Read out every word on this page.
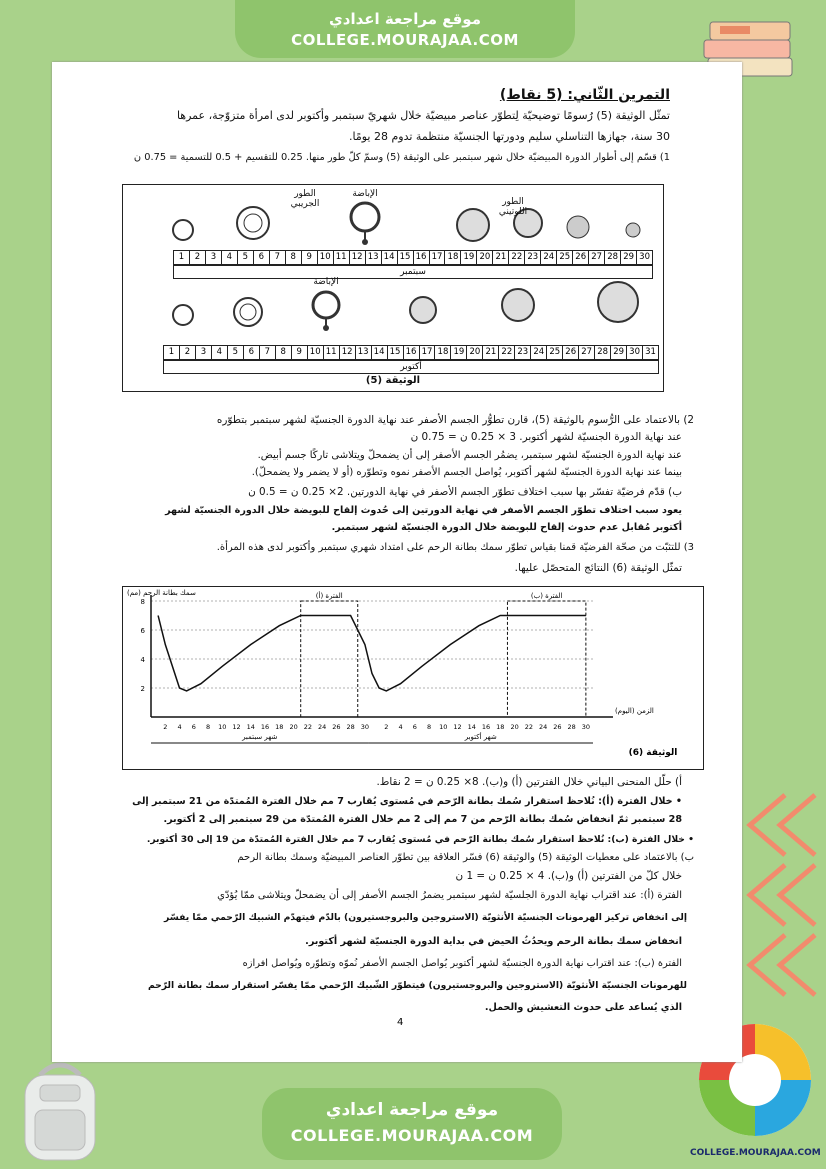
موقع مراجعة اعدادي
COLLEGE.MOURAJAA.COM
COLLEGE.MOURAJAA.COM
موقع مراجعة اعدادي
COLLEGE.MOURAJAA.COM
التمرين الثّاني: (5 نقاط)
تمثّل الوثيقة (5) رُسومًا توضيحيّة لِتطوّر عناصر مبيضيّة خلال شهريّ سبتمبر وأكتوبر لدى امرأة متزوّجة، عمرها
30 سنة، جهازها التناسلي سليم ودورتها الجنسيّة منتظمة تدوم 28 يومًا.
1) قسّم إلى أطوار الدورة المبيضيّة خلال شهر سبتمبر على الوثيقة (5) وسمّ كلّ طور منها. 0.25 للتقسيم + 0.5 للتسمية = 0.75 ن
الطور الجريبي
الإباضة
الطور اللوتيني
1	2	3	4	5	6	7	8	9 10 11 12 13 14 15 16 17 18 19 20 21 22 23 24 25 26 27 28 29 30
سبتمبر
الإباضة
1	2	3	4	5	6	7	8	9 10 11 12 13 14 15 16 17 18 19 20 21 22 23 24 25 26 27 28 29 30 31
أكتوبر
الوثيقة (5)
2) بالاعتماد على الرُّسوم بالوثيقة (5)، قارن تطوُّر الجسم الأصفر عند نهاية الدورة الجنسيّة لشهر سبتمبر بتطوّره
عند نهاية الدورة الجنسيّة لشهر أكتوبر. 3 × 0.25 ن = 0.75 ن
عند نهاية الدورة الجنسيّة لشهر سبتمبر، يضمُر الجسم الأصفر إلى أن يضمحلّ ويتلاشى تاركًا جسم أبيض.
بينما عند نهاية الدورة الجنسيّة لشهر أكتوبر، يُواصل الجسم الأصفر نموه وتطوّره (أو لا يضمر ولا يضمحلّ).
ب) قدّم فرضيّة تفسّر بها سبب اختلاف تطوّر الجسم الأصفر في نهاية الدورتين. 2× 0.25 ن = 0.5 ن
يعود سبب اختلاف تطوّر الجسم الأصفر في نهاية الدورتين إلى حُدوث إلقاح للبويضة خلال الدورة الجنسيّة لشهر
أكتوبر مُقابل عدم حدوث إلقاح للبويضة خلال الدورة الجنسيّة لشهر سبتمبر.
3) للتثبّت من صحّة الفرضيّة قمنا بقياس تطوّر سمك بطانة الرحم على امتداد شهري سبتمبر وأكتوبر لدى هذه المرأة.
تمثّل الوثيقة (6) النتائج المتحصّل عليها.
2
4
6
8
2 4 6 8 10 12 14 16 18 20 22 24 26 28 30 2 4 6 8 10 12 14 16 18 20 22 24 26 28 30
شهر سبتمبر	شهر أكتوبر
سمك بطانة الرحم (مم)
الزمن (اليوم)
الوثيقة (6)
الفترة (أ)	الفترة (ب)
أ) حلّل المنحنى البياني خلال الفترتين (أ) و(ب). 8× 0.25 ن = 2 نقاط.
• خلال الفترة (أ): نُلاحظ استقرار سُمك بطانة الرّحم في مُستوى يُقارب 7 مم خلال الفترة المُمتدّة من 21 سبتمبر إلى
28 سبتمبر ثمّ انخفاض سُمك بطانة الرّحم من 7 مم إلى 2 مم خلال الفترة المُمتدّة من 29 سبتمبر إلى 2 أكتوبر.
• خلال الفترة (ب): نُلاحظ استقرار سُمك بطانة الرّحم في مُستوى يُقارب 7 مم خلال الفترة المُمتدّة من 19 إلى 30 أكتوبر.
ب) بالاعتماد على معطيات الوثيقة (5) والوثيقة (6) فسّر العلاقة بين تطوّر العناصر المبيضيّة وسمك بطانة الرحم
خلال كلّ من الفترتين (أ) و(ب). 4 × 0.25 ن = 1 ن
الفترة (أ): عند اقتراب نهاية الدورة الجلسيّة لشهر سبتمبر يضمرُ الجسم الأصفر إلى أن يضمحلّ ويتلاشى ممّا يُؤدّي
إلى انخفاض تركيز الهرمونات الجنسيّة الأنثويّة (الاستروجين والبروجستيرون) بالدّم فيتهدّم الشبيك الرّحمي ممّا يفسّر
انخفاض سمك بطانة الرحم ويحدُثُ الحيض في بداية الدورة الجنسيّة لشهر أكتوبر.
الفترة (ب): عند اقتراب نهاية الدورة الجنسيّة لشهر أكتوبر يُواصل الجسم الأصفر نُموّه وتطوّره ويُواصل افرازه
للهرمونات الجنسيّة الأنثويّة (الاستروجين والبروجستيرون) فيتطوّر الشّبيك الرّحمي ممّا يفسّر استقرار سمك بطانة الرّحم
الذي يُساعد على حدوث التعشيش والحمل.
4
